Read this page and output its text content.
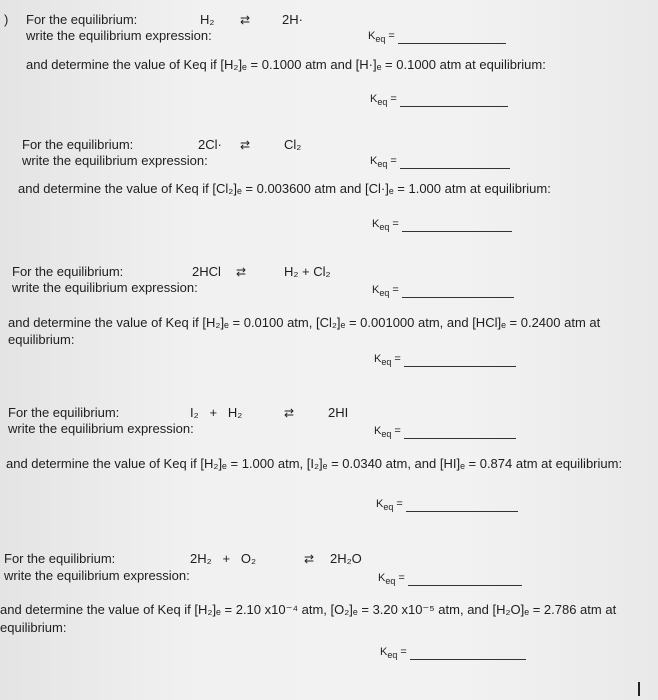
) For the equilibrium:	H₂ ⇄ 2H·
write the equilibrium expression:	$K_{eq}$ =
and determine the value of Keq if [H₂]ₑ = 0.1000 atm and [H·]ₑ = 0.1000 atm at equilibrium:
$K_{eq}$ =
For the equilibrium:	2Cl· ⇄	Cl₂
write the equilibrium expression:	$K_{eq}$ =
and determine the value of Keq if [Cl₂]ₑ = 0.003600 atm and [Cl·]ₑ = 1.000 atm at equilibrium:
$K_{eq}$ =
For the equilibrium:	2HCl ⇄	H₂ + Cl₂
write the equilibrium expression:	$K_{eq}$ =
and determine the value of Keq if [H₂]ₑ = 0.0100 atm, [Cl₂]ₑ = 0.001000 atm, and [HCl]ₑ = 0.2400 atm at equilibrium:
$K_{eq}$ =
For the equilibrium:	I₂   +   H₂	⇄	2HI
write the equilibrium expression:	$K_{eq}$ =
and determine the value of Keq if [H₂]ₑ = 1.000 atm, [I₂]ₑ = 0.0340 atm, and [HI]ₑ = 0.874 atm at equilibrium:
$K_{eq}$ =
For the equilibrium:	2H₂   +   O₂	⇄ 2H₂O
write the equilibrium expression:	$K_{eq}$ =
and determine the value of Keq if [H₂]ₑ = 2.10 x10⁻⁴ atm, [O₂]ₑ = 3.20 x10⁻⁵ atm, and [H₂O]ₑ = 2.786 atm at equilibrium:
$K_{eq}$ =
